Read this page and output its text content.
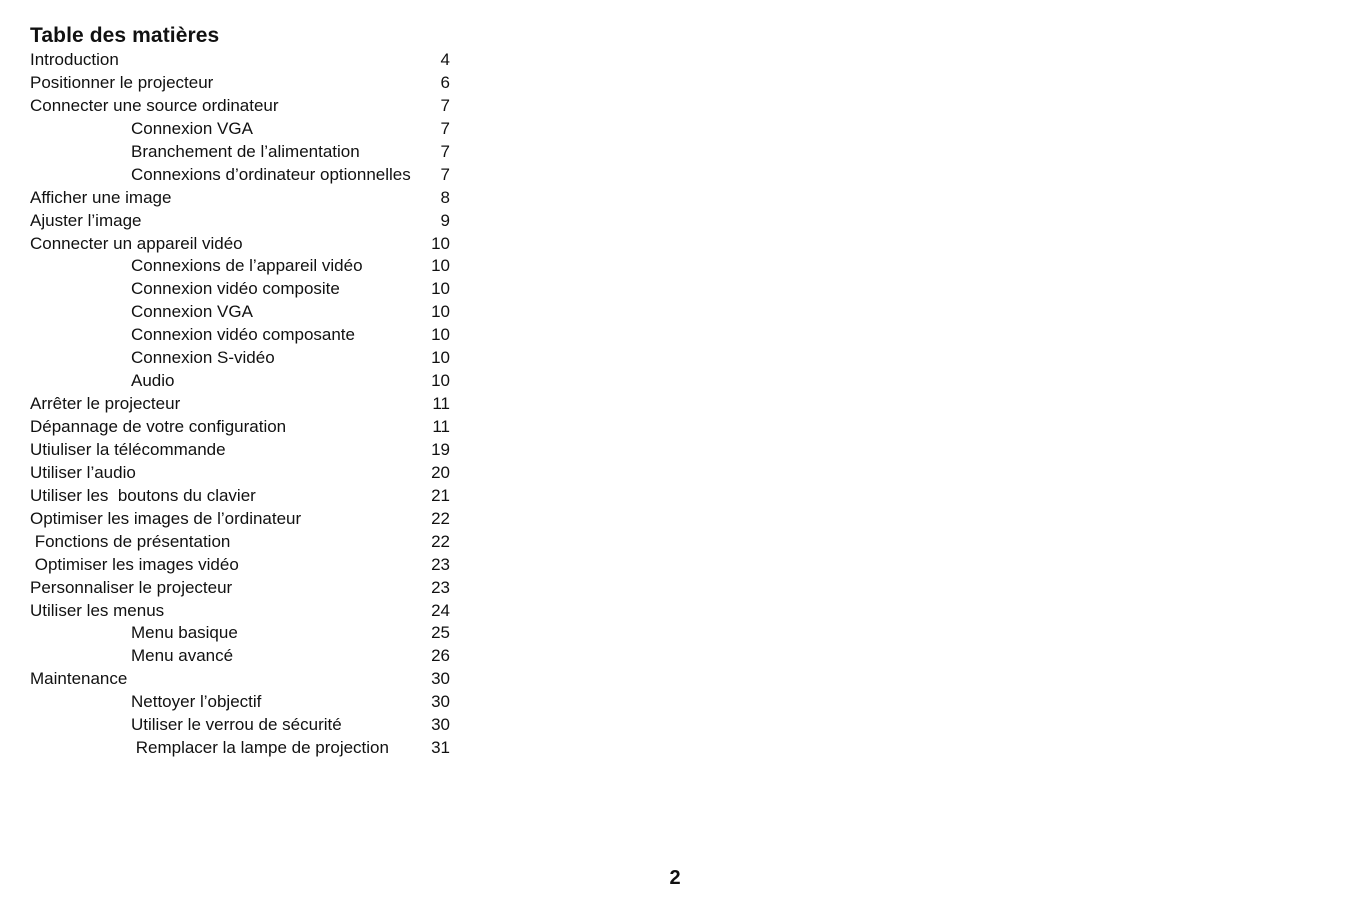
Table des matières
Introduction	4
Positionner le projecteur	6
Connecter une source ordinateur	7
Connexion VGA	7
Branchement de l’alimentation	7
Connexions d’ordinateur optionnelles 7
Afficher une image	8
Ajuster l’image	9
Connecter un appareil vidéo	10
Connexions de l’appareil vidéo	10
Connexion vidéo composite	10
Connexion VGA	10
Connexion vidéo composante	10
Connexion S-vidéo	10
Audio	10
Arrêter le projecteur	11
Dépannage de votre configuration	11
Utiuliser la télécommande	19
Utiliser l’audio	20
Utiliser les  boutons du clavier	21
Optimiser les images de l’ordinateur	22
Fonctions de présentation	22
Optimiser les images vidéo	23
Personnaliser le projecteur	23
Utiliser les menus	24
Menu basique	25
Menu avancé	26
Maintenance	30
Nettoyer l’objectif	30
Utiliser le verrou de sécurité	30
Remplacer la lampe de projection 31
2
